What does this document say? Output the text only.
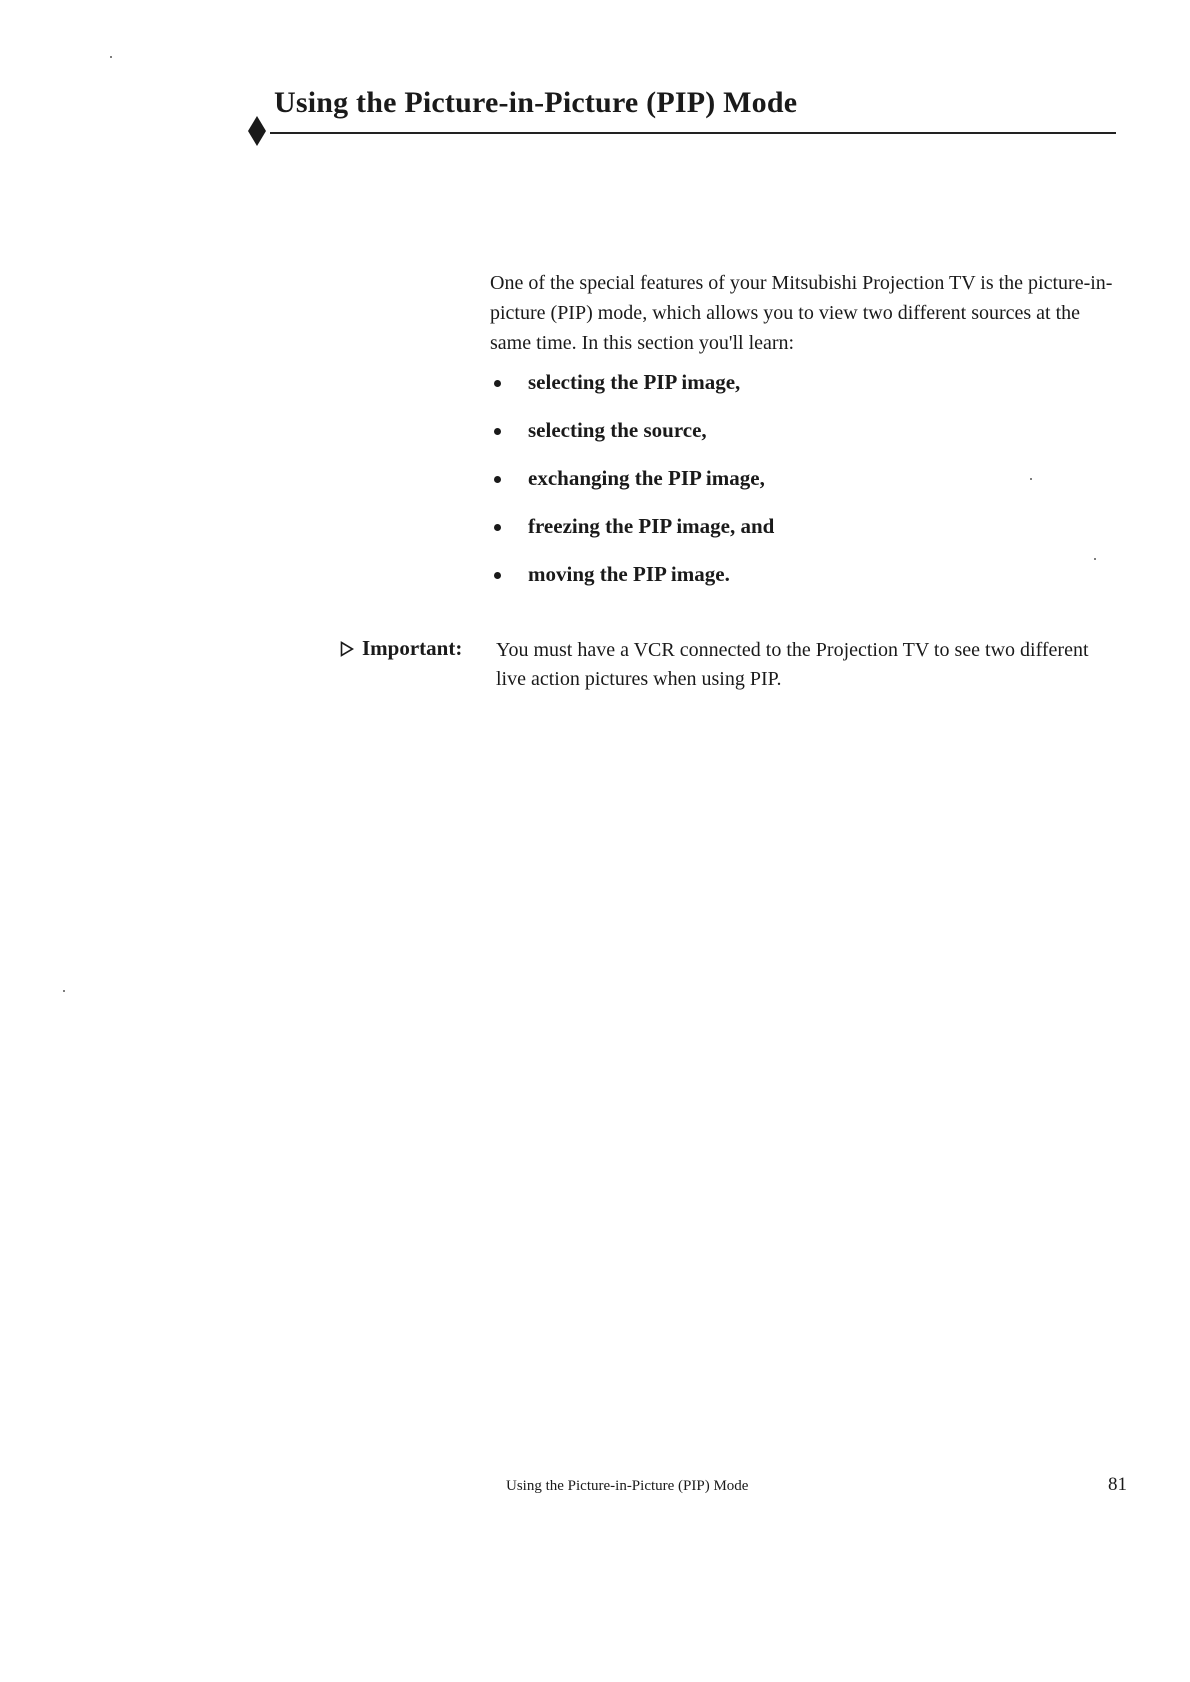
Using the Picture-in-Picture (PIP) Mode

One of the special features of your Mitsubishi Projection TV is the picture-in-picture (PIP) mode, which allows you to view two different sources at the same time. In this section you'll learn:

selecting the PIP image,
selecting the source,
exchanging the PIP image,
freezing the PIP image, and
moving the PIP image.
Important: You must have a VCR connected to the Projection TV to see two different live action pictures when using PIP.
Using the Picture-in-Picture (PIP) Mode	81
